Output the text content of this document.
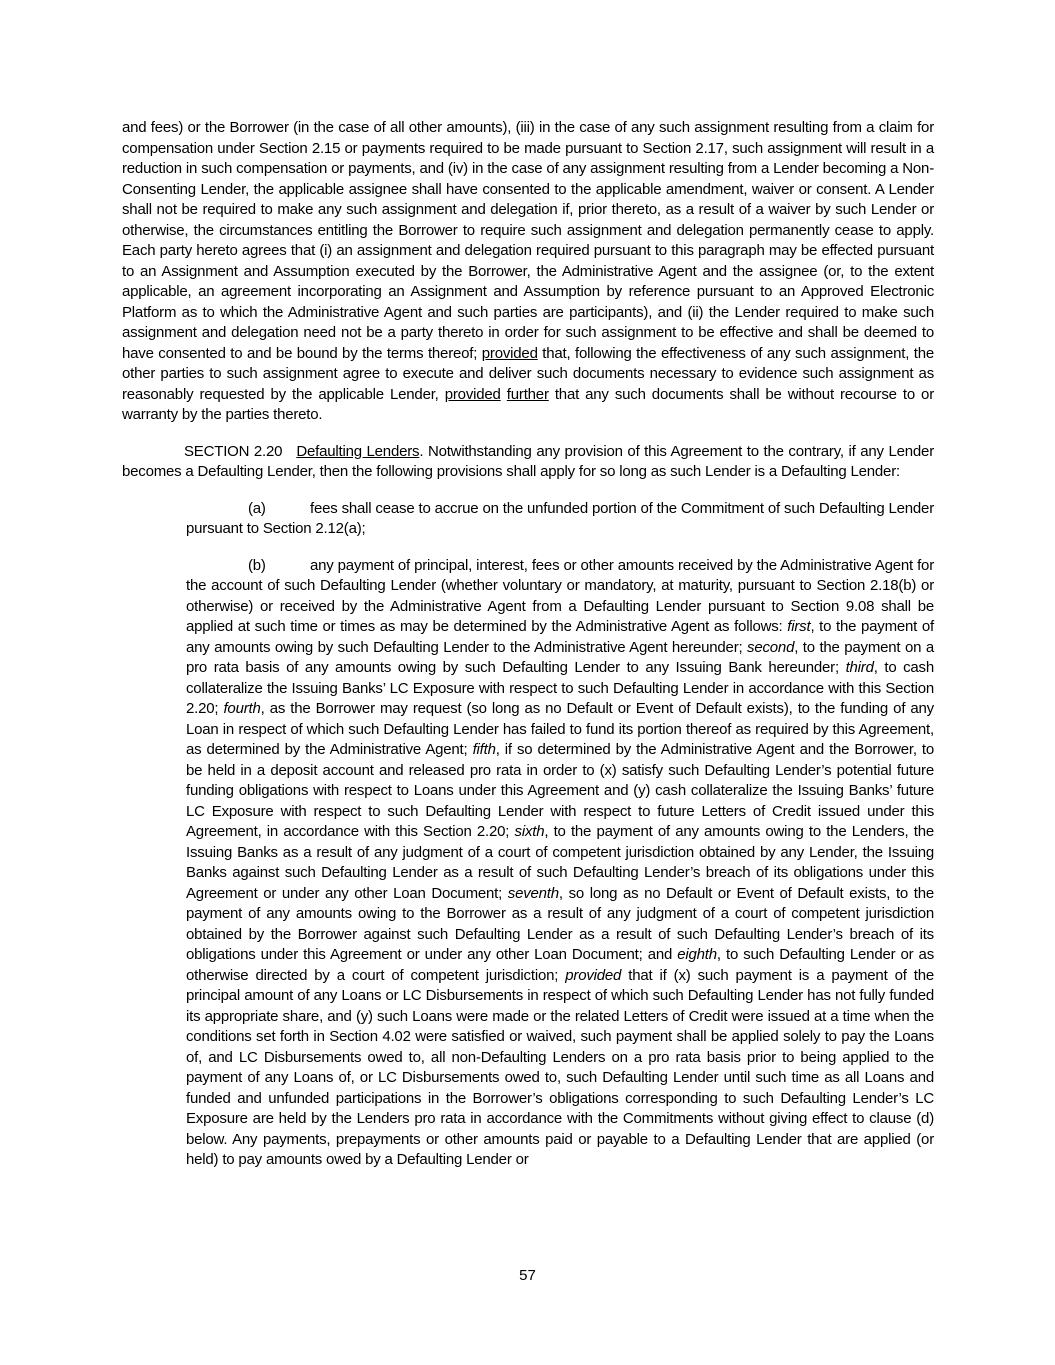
and fees) or the Borrower (in the case of all other amounts), (iii) in the case of any such assignment resulting from a claim for compensation under Section 2.15 or payments required to be made pursuant to Section 2.17, such assignment will result in a reduction in such compensation or payments, and (iv) in the case of any assignment resulting from a Lender becoming a Non-Consenting Lender, the applicable assignee shall have consented to the applicable amendment, waiver or consent. A Lender shall not be required to make any such assignment and delegation if, prior thereto, as a result of a waiver by such Lender or otherwise, the circumstances entitling the Borrower to require such assignment and delegation permanently cease to apply. Each party hereto agrees that (i) an assignment and delegation required pursuant to this paragraph may be effected pursuant to an Assignment and Assumption executed by the Borrower, the Administrative Agent and the assignee (or, to the extent applicable, an agreement incorporating an Assignment and Assumption by reference pursuant to an Approved Electronic Platform as to which the Administrative Agent and such parties are participants), and (ii) the Lender required to make such assignment and delegation need not be a party thereto in order for such assignment to be effective and shall be deemed to have consented to and be bound by the terms thereof; provided that, following the effectiveness of any such assignment, the other parties to such assignment agree to execute and deliver such documents necessary to evidence such assignment as reasonably requested by the applicable Lender, provided further that any such documents shall be without recourse to or warranty by the parties thereto.

SECTION 2.20 Defaulting Lenders. Notwithstanding any provision of this Agreement to the contrary, if any Lender becomes a Defaulting Lender, then the following provisions shall apply for so long as such Lender is a Defaulting Lender:

(a)	fees shall cease to accrue on the unfunded portion of the Commitment of such Defaulting Lender pursuant to Section 2.12(a);

(b)	any payment of principal, interest, fees or other amounts received by the Administrative Agent for the account of such Defaulting Lender (whether voluntary or mandatory, at maturity, pursuant to Section 2.18(b) or otherwise) or received by the Administrative Agent from a Defaulting Lender pursuant to Section 9.08 shall be applied at such time or times as may be determined by the Administrative Agent as follows: first, to the payment of any amounts owing by such Defaulting Lender to the Administrative Agent hereunder; second, to the payment on a pro rata basis of any amounts owing by such Defaulting Lender to any Issuing Bank hereunder; third, to cash collateralize the Issuing Banks’ LC Exposure with respect to such Defaulting Lender in accordance with this Section 2.20; fourth, as the Borrower may request (so long as no Default or Event of Default exists), to the funding of any Loan in respect of which such Defaulting Lender has failed to fund its portion thereof as required by this Agreement, as determined by the Administrative Agent; fifth, if so determined by the Administrative Agent and the Borrower, to be held in a deposit account and released pro rata in order to (x) satisfy such Defaulting Lender’s potential future funding obligations with respect to Loans under this Agreement and (y) cash collateralize the Issuing Banks’ future LC Exposure with respect to such Defaulting Lender with respect to future Letters of Credit issued under this Agreement, in accordance with this Section 2.20; sixth, to the payment of any amounts owing to the Lenders, the Issuing Banks as a result of any judgment of a court of competent jurisdiction obtained by any Lender, the Issuing Banks against such Defaulting Lender as a result of such Defaulting Lender’s breach of its obligations under this Agreement or under any other Loan Document; seventh, so long as no Default or Event of Default exists, to the payment of any amounts owing to the Borrower as a result of any judgment of a court of competent jurisdiction obtained by the Borrower against such Defaulting Lender as a result of such Defaulting Lender’s breach of its obligations under this Agreement or under any other Loan Document; and eighth, to such Defaulting Lender or as otherwise directed by a court of competent jurisdiction; provided that if (x) such payment is a payment of the principal amount of any Loans or LC Disbursements in respect of which such Defaulting Lender has not fully funded its appropriate share, and (y) such Loans were made or the related Letters of Credit were issued at a time when the conditions set forth in Section 4.02 were satisfied or waived, such payment shall be applied solely to pay the Loans of, and LC Disbursements owed to, all non-Defaulting Lenders on a pro rata basis prior to being applied to the payment of any Loans of, or LC Disbursements owed to, such Defaulting Lender until such time as all Loans and funded and unfunded participations in the Borrower’s obligations corresponding to such Defaulting Lender’s LC Exposure are held by the Lenders pro rata in accordance with the Commitments without giving effect to clause (d) below. Any payments, prepayments or other amounts paid or payable to a Defaulting Lender that are applied (or held) to pay amounts owed by a Defaulting Lender or

57
